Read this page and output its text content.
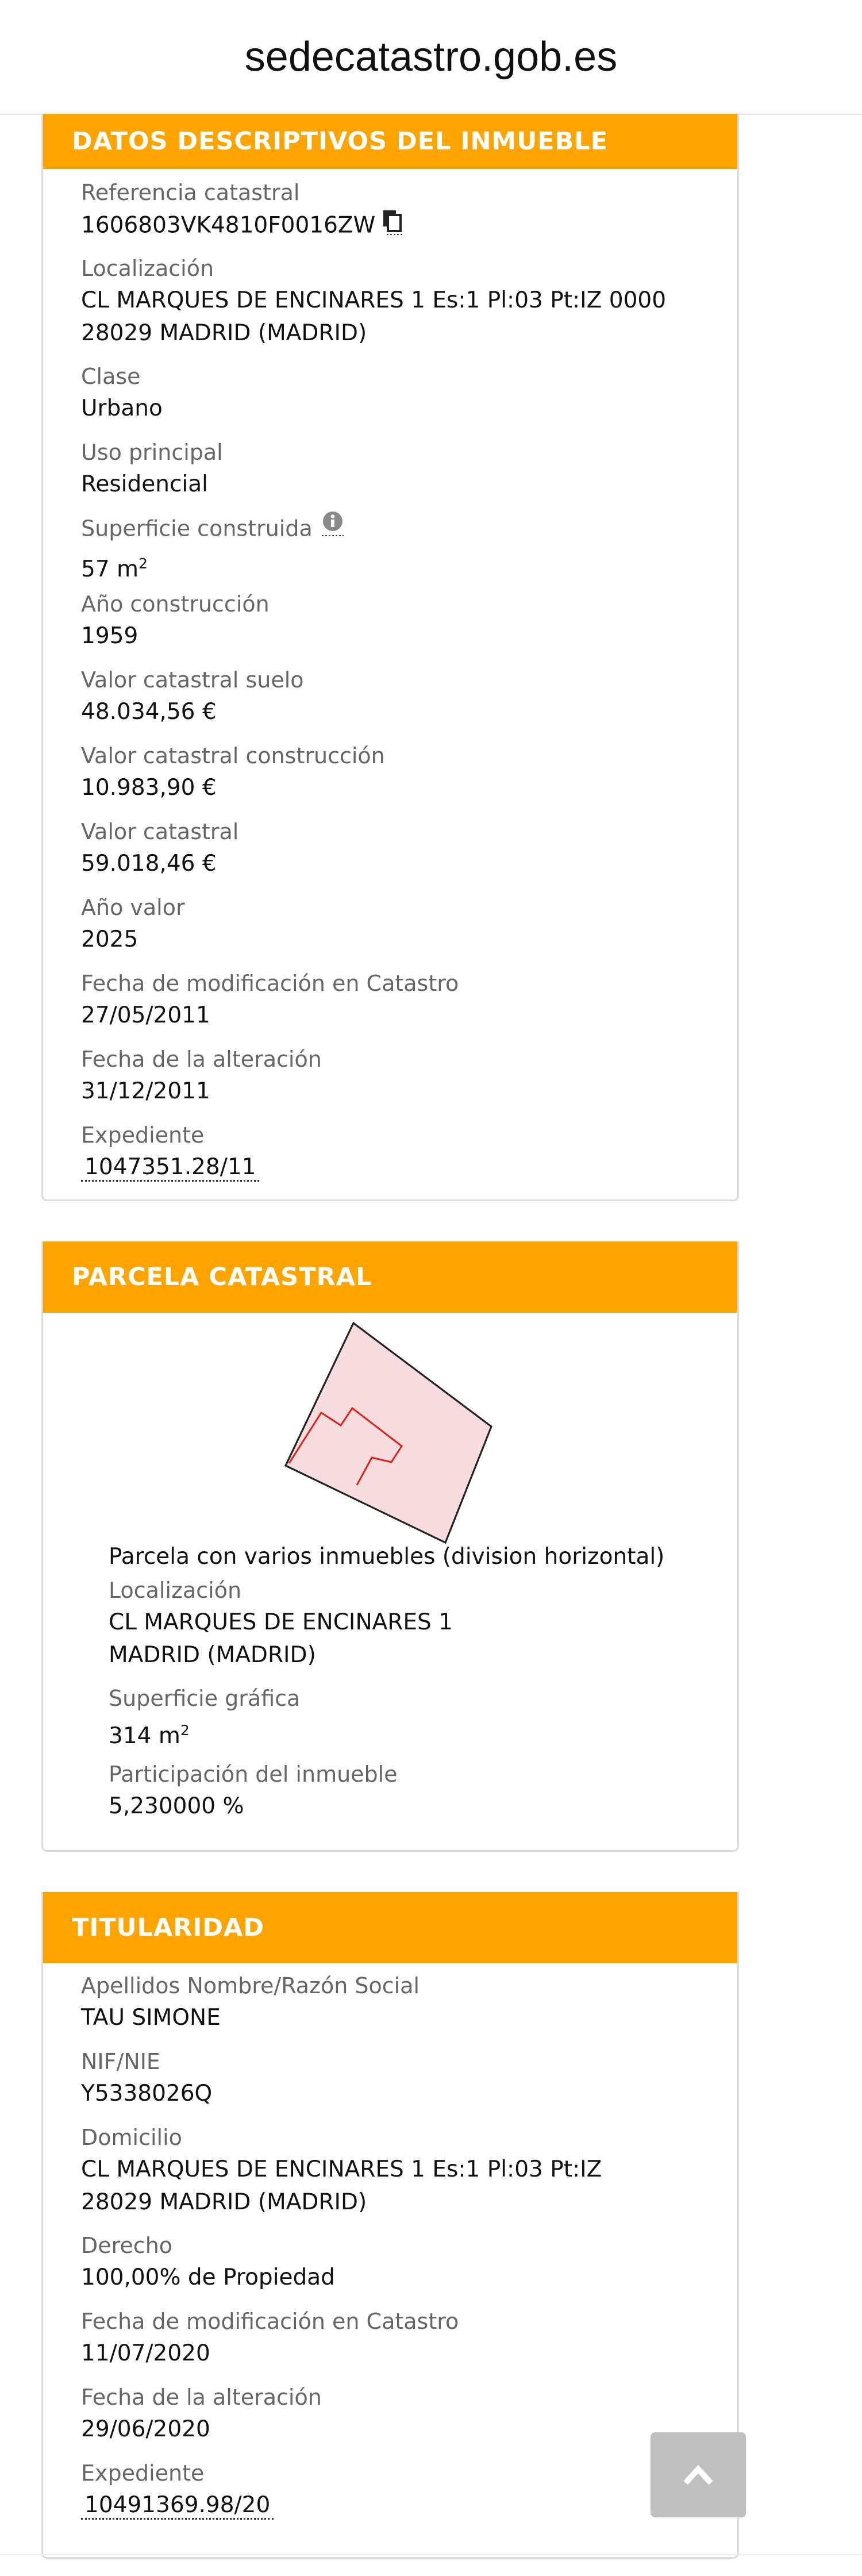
sedecatastro.gob.es
DATOS DESCRIPTIVOS DEL INMUEBLE
Referencia catastral
1606803VK4810F0016ZW
Localización
CL MARQUES DE ENCINARES 1 Es:1 Pl:03 Pt:IZ 0000
28029 MADRID (MADRID)
Clase
Urbano
Uso principal
Residencial
Superficie construida
57 $m^2$
Año construcción
1959
Valor catastral suelo
48.034,56 €
Valor catastral construcción
10.983,90 €
Valor catastral
59.018,46 €
Año valor
2025
Fecha de modificación en Catastro
27/05/2011
Fecha de la alteración
31/12/2011
Expediente
1047351.28/11
PARCELA CATASTRAL
Parcela con varios inmuebles (division horizontal)
Localización
CL MARQUES DE ENCINARES 1
MADRID (MADRID)
Superficie gráfica
314 $m^2$
Participación del inmueble
5,230000 %
TITULARIDAD
Apellidos Nombre/Razón Social
TAU SIMONE
NIF/NIE
Y5338026Q
Domicilio
CL MARQUES DE ENCINARES 1 Es:1 Pl:03 Pt:IZ
28029 MADRID (MADRID)
Derecho
100,00% de Propiedad
Fecha de modificación en Catastro
11/07/2020
Fecha de la alteración
29/06/2020
Expediente
10491369.98/20
